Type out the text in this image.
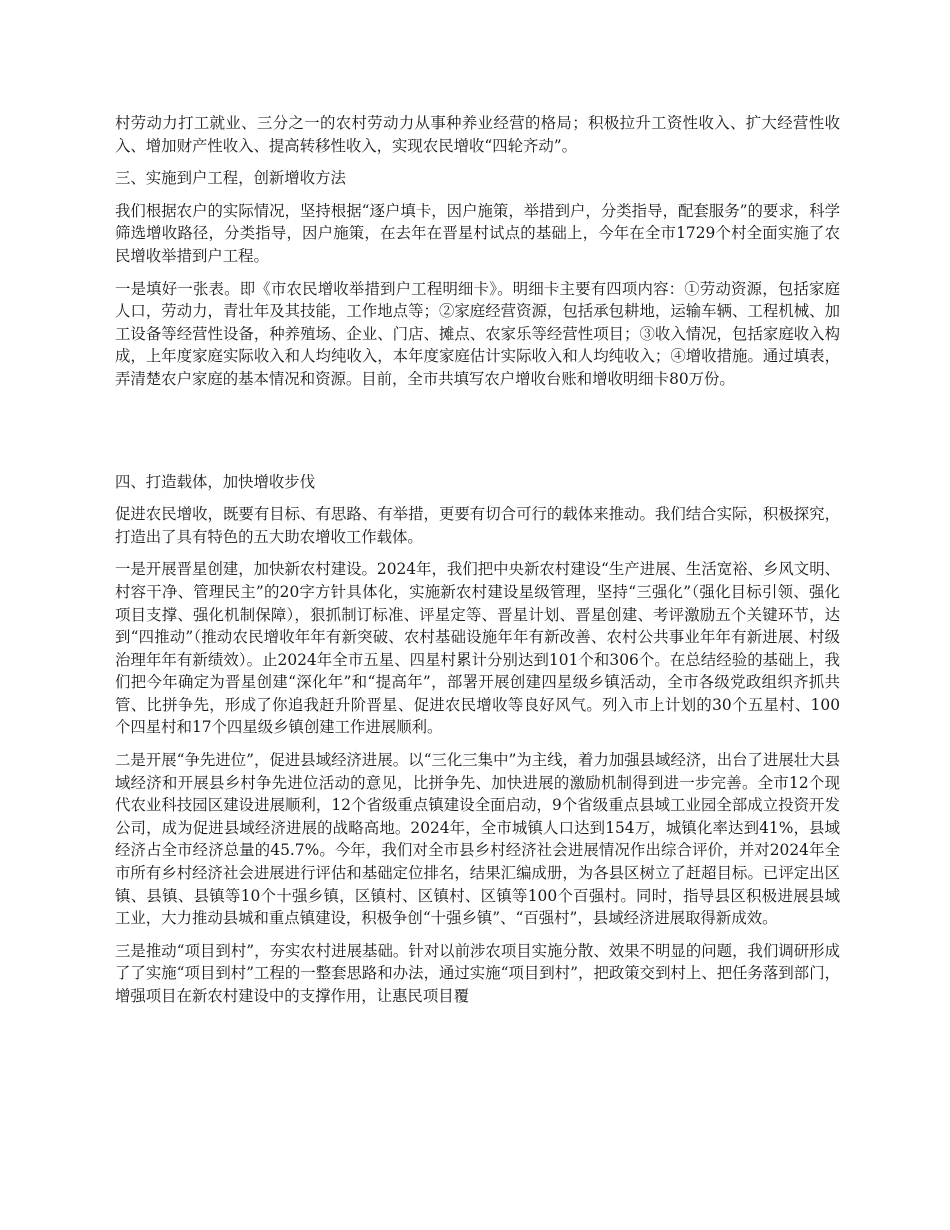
村劳动力打工就业、三分之一的农村劳动力从事种养业经营的格局；积极拉升工资性收入、扩大经营性收入、增加财产性收入、提高转移性收入，实现农民增收“四轮齐动”。

三、实施到户工程，创新增收方法

我们根据农户的实际情况，坚持根据“逐户填卡，因户施策，举措到户，分类指导，配套服务”的要求，科学筛选增收路径，分类指导，因户施策，在去年在晋星村试点的基础上，今年在全市1729个村全面实施了农民增收举措到户工程。

一是填好一张表。即《市农民增收举措到户工程明细卡》。明细卡主要有四项内容：①劳动资源，包括家庭人口，劳动力，青壮年及其技能，工作地点等；②家庭经营资源，包括承包耕地，运输车辆、工程机械、加工设备等经营性设备，种养殖场、企业、门店、摊点、农家乐等经营性项目；③收入情况，包括家庭收入构成，上年度家庭实际收入和人均纯收入，本年度家庭估计实际收入和人均纯收入；④增收措施。通过填表，弄清楚农户家庭的基本情况和资源。目前，全市共填写农户增收台账和增收明细卡80万份。

四、打造载体，加快增收步伐

促进农民增收，既要有目标、有思路、有举措，更要有切合可行的载体来推动。我们结合实际，积极探究，打造出了具有特色的五大助农增收工作载体。

一是开展晋星创建，加快新农村建设。2024年，我们把中央新农村建设“生产进展、生活宽裕、乡风文明、村容干净、管理民主”的20字方针具体化，实施新农村建设星级管理，坚持“三强化”（强化目标引领、强化项目支撑、强化机制保障），狠抓制订标准、评星定等、晋星计划、晋星创建、考评激励五个关键环节，达到“四推动”（推动农民增收年年有新突破、农村基础设施年年有新改善、农村公共事业年年有新进展、村级治理年年有新绩效）。止2024年全市五星、四星村累计分别达到101个和306个。在总结经验的基础上，我们把今年确定为晋星创建“深化年”和“提高年”，部署开展创建四星级乡镇活动，全市各级党政组织齐抓共管、比拼争先，形成了你追我赶升阶晋星、促进农民增收等良好风气。列入市上计划的30个五星村、100个四星村和17个四星级乡镇创建工作进展顺利。

二是开展“争先进位”，促进县域经济进展。以“三化三集中”为主线，着力加强县域经济，出台了进展壮大县域经济和开展县乡村争先进位活动的意见，比拼争先、加快进展的激励机制得到进一步完善。全市12个现代农业科技园区建设进展顺利，12个省级重点镇建设全面启动，9个省级重点县域工业园全部成立投资开发公司，成为促进县域经济进展的战略高地。2024年，全市城镇人口达到154万，城镇化率达到41%，县域经济占全市经济总量的45.7%。今年，我们对全市县乡村经济社会进展情况作出综合评价，并对2024年全市所有乡村经济社会进展进行评估和基础定位排名，结果汇编成册，为各县区树立了赶超目标。已评定出区镇、县镇、县镇等10个十强乡镇，区镇村、区镇村、区镇等100个百强村。同时，指导县区积极进展县域工业，大力推动县城和重点镇建设，积极争创“十强乡镇”、“百强村”，县域经济进展取得新成效。

三是推动“项目到村”，夯实农村进展基础。针对以前涉农项目实施分散、效果不明显的问题，我们调研形成了了实施“项目到村”工程的一整套思路和办法，通过实施“项目到村”，把政策交到村上、把任务落到部门，增强项目在新农村建设中的支撑作用，让惠民项目覆
